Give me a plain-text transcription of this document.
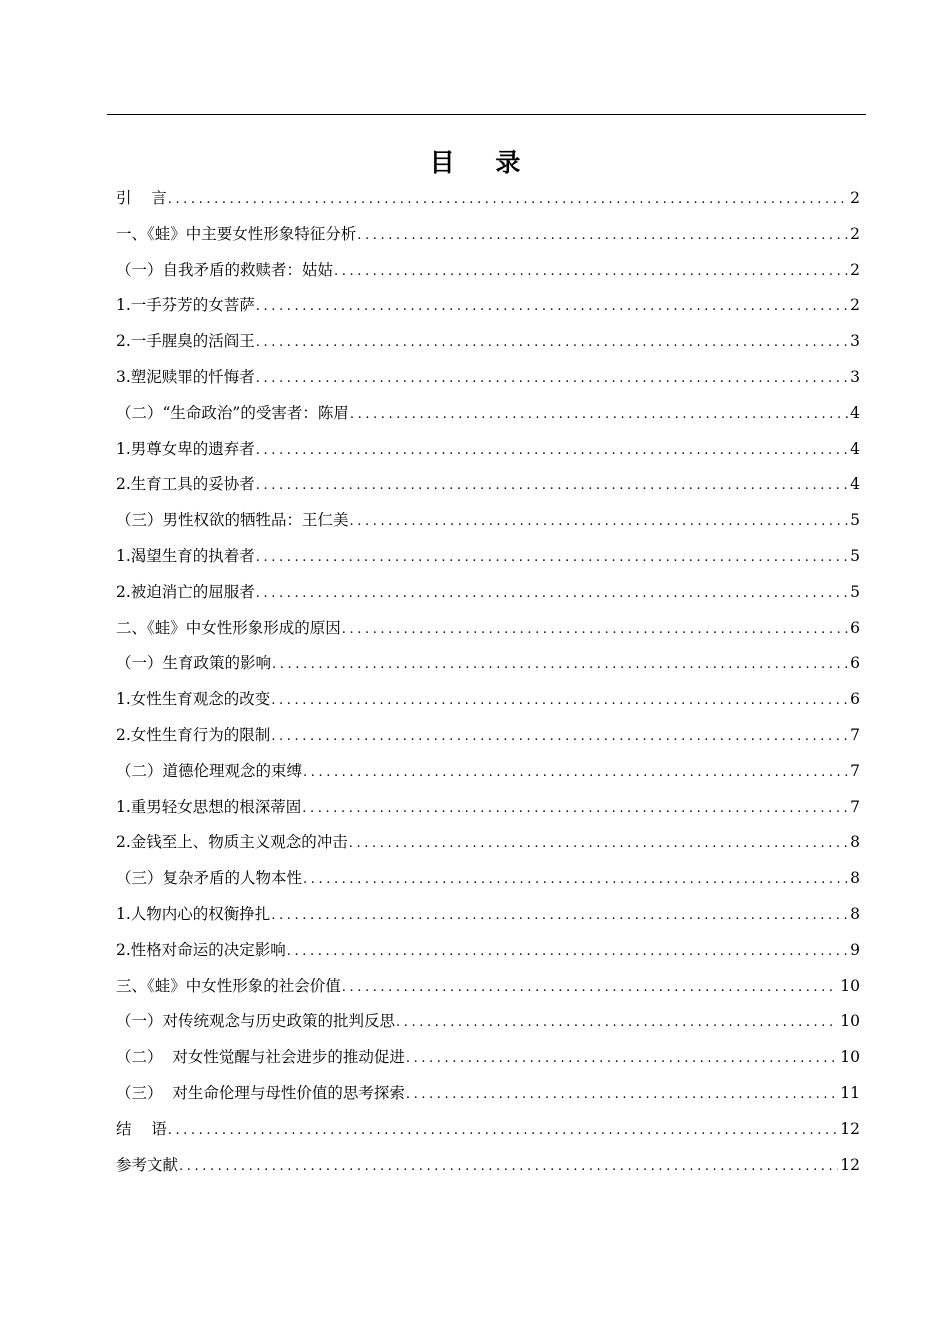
目 录
引    言 .....	2
一、《蛙》中主要女性形象特征分析 .....	2
（一）自我矛盾的救赎者：姑姑 .....	2
1.一手芬芳的女菩萨 .....	2
2.一手腥臭的活阎王 .....	3
3.塑泥赎罪的忏悔者 .....	3
（二）“生命政治”的受害者：陈眉 .....	4
1.男尊女卑的遗弃者 .....	4
2.生育工具的妥协者 .....	4
（三）男性权欲的牺牲品：王仁美 .....	5
1.渴望生育的执着者 .....	5
2.被迫消亡的屈服者 .....	5
二、《蛙》中女性形象形成的原因 .....	6
（一）生育政策的影响 .....	6
1.女性生育观念的改变 .....	6
2.女性生育行为的限制 .....	7
（二）道德伦理观念的束缚 .....	7
1.重男轻女思想的根深蒂固 .....	7
2.金钱至上、物质主义观念的冲击 .....	8
（三）复杂矛盾的人物本性 .....	8
1.人物内心的权衡挣扎 .....	8
2.性格对命运的决定影响 .....	9
三、《蛙》中女性形象的社会价值 .....	10
（一）对传统观念与历史政策的批判反思 .....	10
（二）  对女性觉醒与社会进步的推动促进 .....	10
（三）  对生命伦理与母性价值的思考探索 .....	11
结    语 .....	12
参考文献 .....	12
